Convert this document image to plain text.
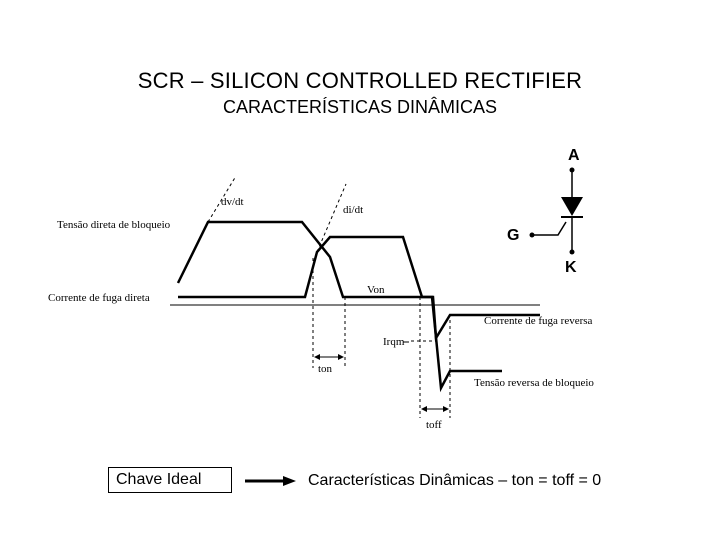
SCR – SILICON CONTROLLED RECTIFIER
CARACTERÍSTICAS DINÂMICAS
Tensão direta de bloqueio
Corrente de fuga direta
dv/dt
di/dt
Von
Corrente de fuga reversa
Irqm
Tensão reversa de bloqueio
ton
toff
A
G
K
Chave Ideal	Características Dinâmicas – ton = toff = 0
